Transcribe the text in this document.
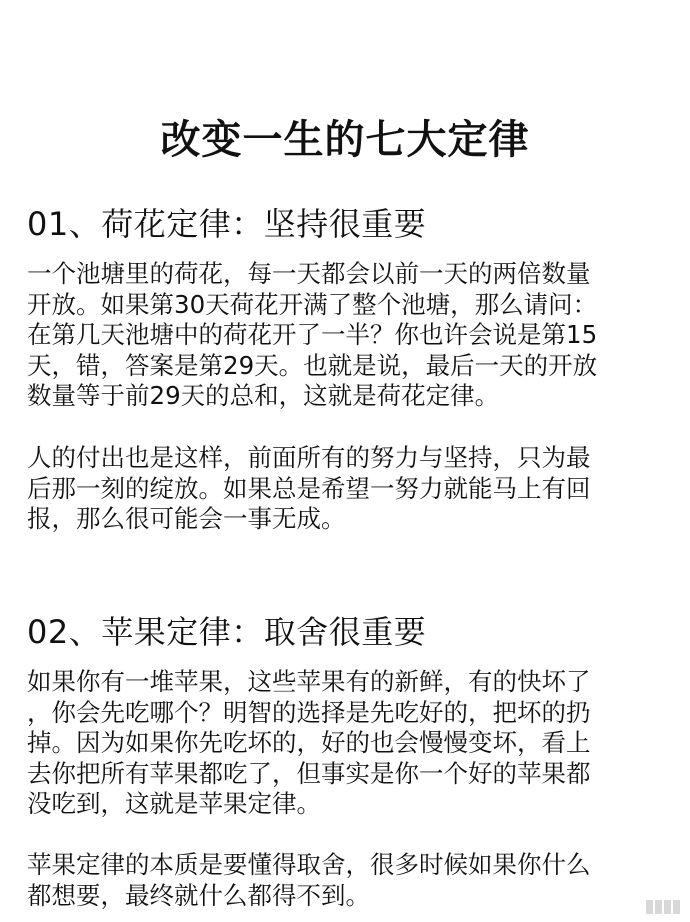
改变一生的七大定律
01、荷花定律：坚持很重要
一个池塘里的荷花，每一天都会以前一天的两倍数量
开放。如果第30天荷花开满了整个池塘，那么请问：
在第几天池塘中的荷花开了一半？你也许会说是第15
天，错，答案是第29天。也就是说，最后一天的开放
数量等于前29天的总和，这就是荷花定律。
人的付出也是这样，前面所有的努力与坚持，只为最
后那一刻的绽放。如果总是希望一努力就能马上有回
报，那么很可能会一事无成。
02、苹果定律：取舍很重要
如果你有一堆苹果，这些苹果有的新鲜，有的快坏了
，你会先吃哪个？明智的选择是先吃好的，把坏的扔
掉。因为如果你先吃坏的，好的也会慢慢变坏，看上
去你把所有苹果都吃了，但事实是你一个好的苹果都
没吃到，这就是苹果定律。
苹果定律的本质是要懂得取舍，很多时候如果你什么
都想要，最终就什么都得不到。
